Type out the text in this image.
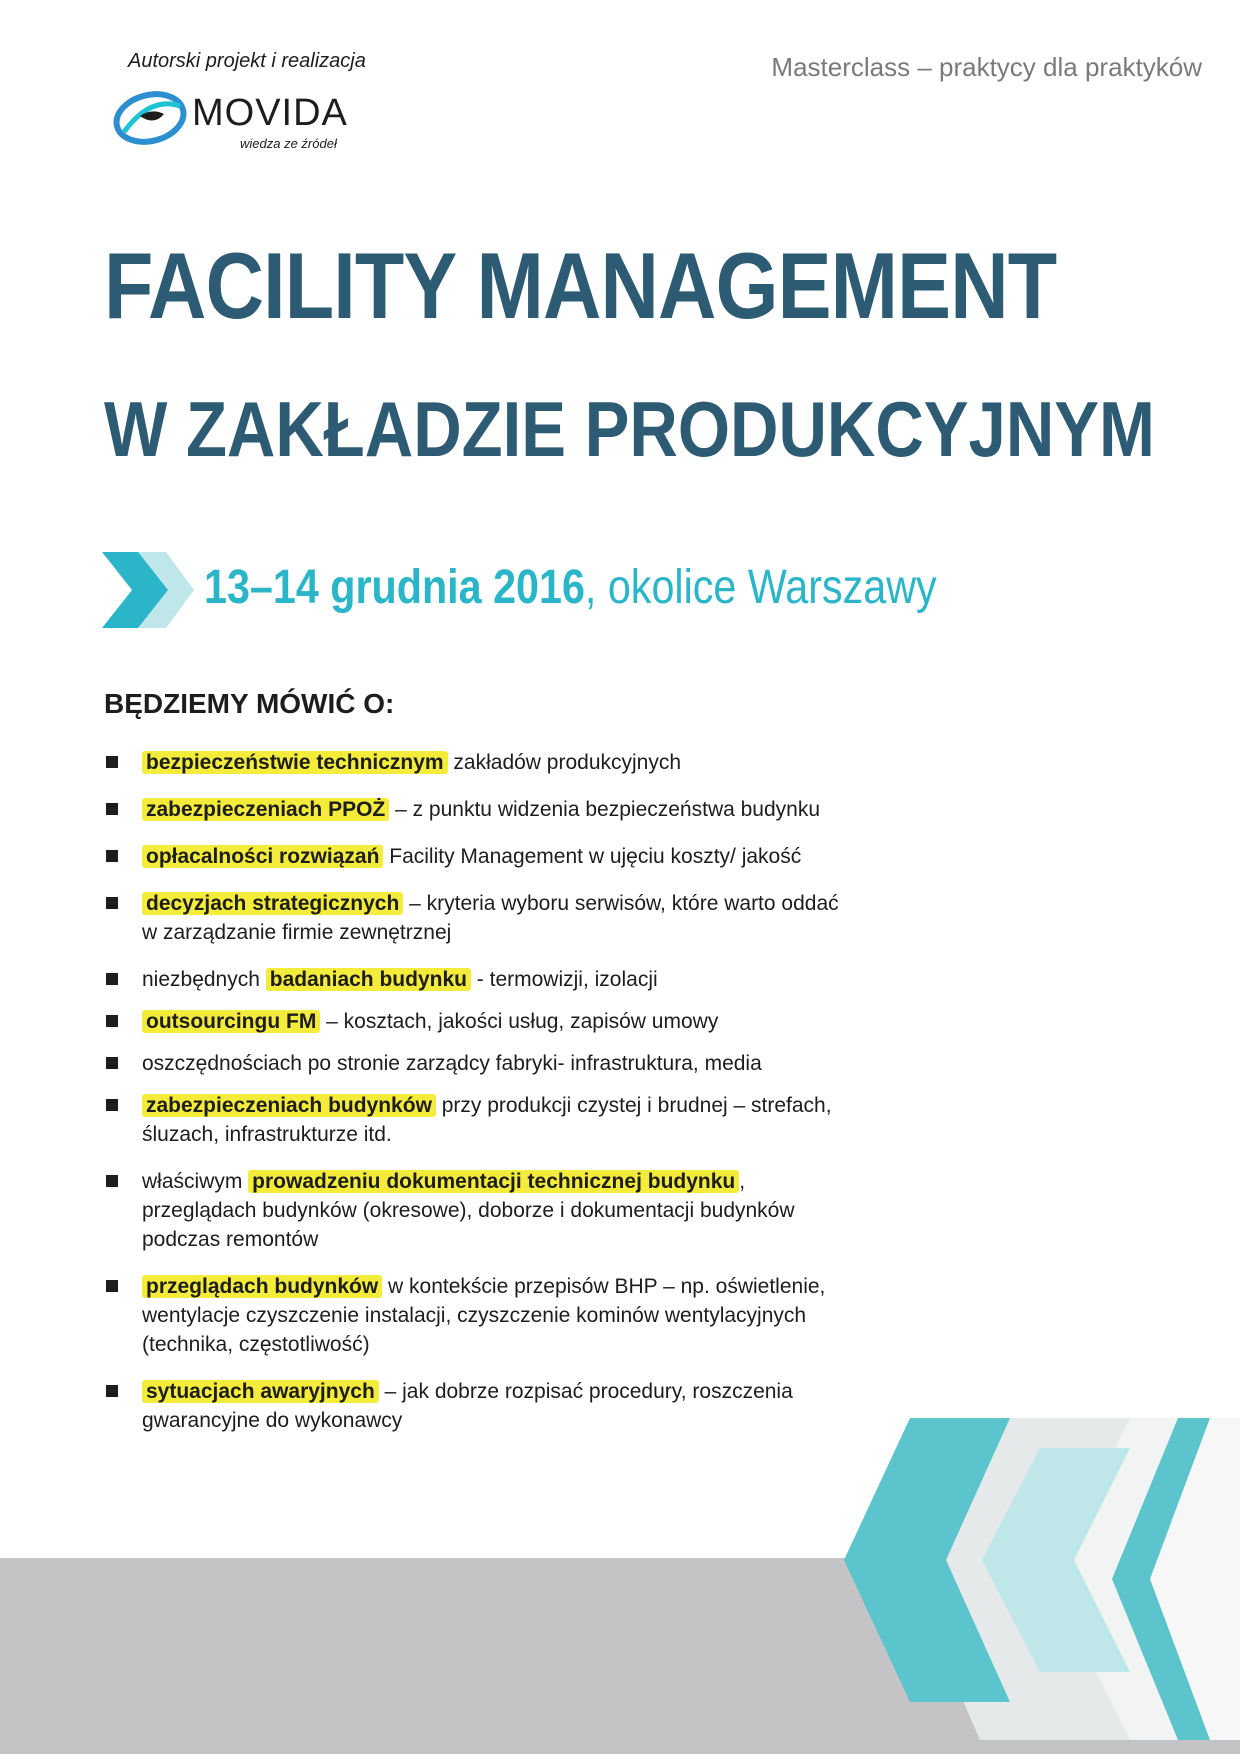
Autorski projekt i realizacja
MOVIDA
wiedza ze źródeł
Masterclass – praktycy dla praktyków
FACILITY MANAGEMENT
W ZAKŁADZIE PRODUKCYJNYM
13–14 grudnia 2016, okolice Warszawy
BĘDZIEMY MÓWIĆ O:
bezpieczeństwie technicznym zakładów produkcyjnych
zabezpieczeniach PPOŻ – z punktu widzenia bezpieczeństwa budynku
opłacalności rozwiązań Facility Management w ujęciu koszty/ jakość
decyzjach strategicznych – kryteria wyboru serwisów, które warto oddać w zarządzanie firmie zewnętrznej
niezbędnych badaniach budynku - termowizji, izolacji
outsourcingu FM – kosztach, jakości usług, zapisów umowy
oszczędnościach po stronie zarządcy fabryki- infrastruktura, media
zabezpieczeniach budynków przy produkcji czystej i brudnej – strefach, śluzach, infrastrukturze itd.
właściwym prowadzeniu dokumentacji technicznej budynku , przeglądach budynków (okresowe), doborze i dokumentacji budynków podczas remontów
przeglądach budynków w kontekście przepisów BHP – np. oświetlenie, wentylacje czyszczenie instalacji, czyszczenie kominów wentylacyjnych (technika, częstotliwość)
sytuacjach awaryjnych – jak dobrze rozpisać procedury, roszczenia gwarancyjne do wykonawcy
